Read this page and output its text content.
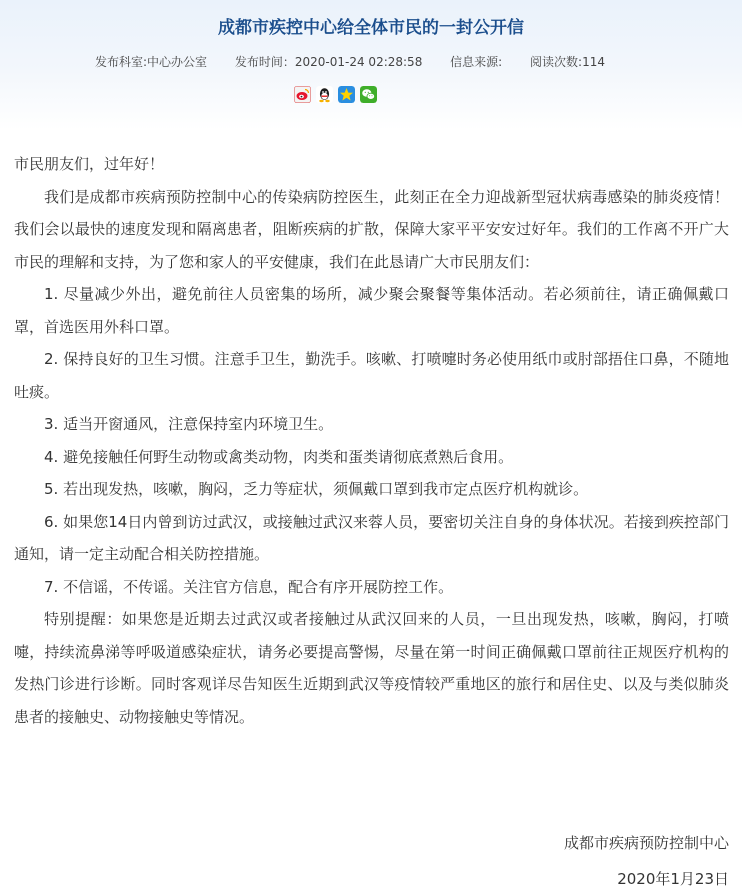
成都市疾控中心给全体市民的一封公开信
发布科室:中心办公室 发布时间：2020-01-24 02:28:58 信息来源: 阅读次数:114

市民朋友们，过年好！

我们是成都市疾病预防控制中心的传染病防控医生，此刻正在全力迎战新型冠状病毒感染的肺炎疫情！我们会以最快的速度发现和隔离患者，阻断疾病的扩散，保障大家平平安安过好年。我们的工作离不开广大市民的理解和支持，为了您和家人的平安健康，我们在此恳请广大市民朋友们：

1. 尽量减少外出，避免前往人员密集的场所，减少聚会聚餐等集体活动。若必须前往，请正确佩戴口罩，首选医用外科口罩。

2. 保持良好的卫生习惯。注意手卫生，勤洗手。咳嗽、打喷嚏时务必使用纸巾或肘部捂住口鼻，不随地吐痰。

3. 适当开窗通风，注意保持室内环境卫生。

4. 避免接触任何野生动物或禽类动物，肉类和蛋类请彻底煮熟后食用。

5. 若出现发热，咳嗽，胸闷，乏力等症状，须佩戴口罩到我市定点医疗机构就诊。

6. 如果您14日内曾到访过武汉，或接触过武汉来蓉人员，要密切关注自身的身体状况。若接到疾控部门通知，请一定主动配合相关防控措施。

7. 不信谣，不传谣。关注官方信息，配合有序开展防控工作。

特别提醒：如果您是近期去过武汉或者接触过从武汉回来的人员，一旦出现发热，咳嗽，胸闷，打喷嚏，持续流鼻涕等呼吸道感染症状，请务必要提高警惕，尽量在第一时间正确佩戴口罩前往正规医疗机构的发热门诊进行诊断。同时客观详尽告知医生近期到武汉等疫情较严重地区的旅行和居住史、以及与类似肺炎患者的接触史、动物接触史等情况。

成都市疾病预防控制中心
2020年1月23日
